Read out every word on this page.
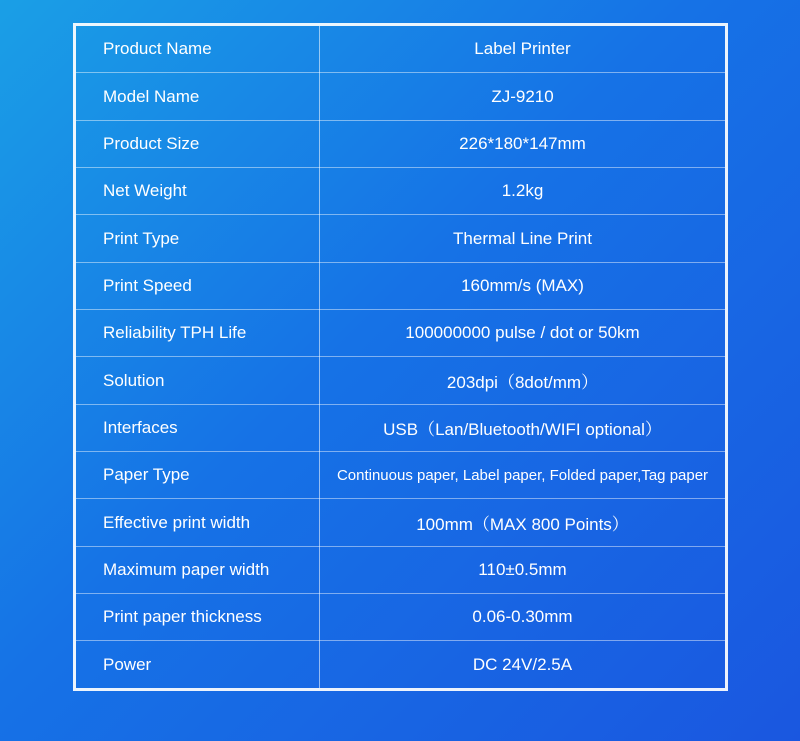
Product Name	Label Printer
Model Name	ZJ-9210
Product Size	226*180*147mm
Net Weight	1.2kg
Print Type	Thermal Line Print
Print Speed	160mm/s (MAX)
Reliability TPH Life	100000000 pulse / dot or 50km
Solution	203dpi（8dot/mm）
Interfaces	USB（Lan/Bluetooth/WIFI optional）
Paper Type	Continuous paper, Label paper, Folded paper,Tag paper
Effective print width	100mm（MAX 800 Points）
Maximum paper width	110±0.5mm
Print paper thickness	0.06-0.30mm
Power	DC 24V/2.5A
